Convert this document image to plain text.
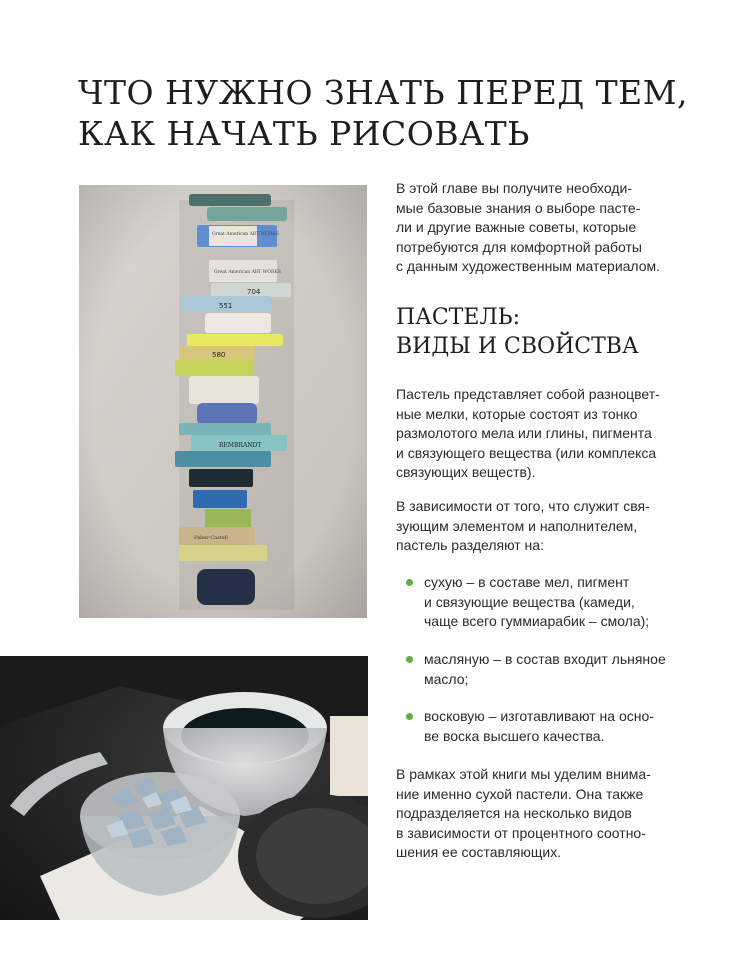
ЧТО НУЖНО ЗНАТЬ ПЕРЕД ТЕМ,
КАК НАЧАТЬ РИСОВАТЬ
Great American ART WORKS
Great American ART WORKS
704
551
580
REMBRANDT
Faber-Castell
В этой главе вы получите необходи-
мые базовые знания о выборе пасте-
ли и другие важные советы, которые
потребуются для комфортной работы
с данным художественным материалом.
ПАСТЕЛЬ:
ВИДЫ И СВОЙСТВА
Пастель представляет собой разноцвет-
ные мелки, которые состоят из тонко
размолотого мела или глины, пигмента
и связующего вещества (или комплекса
связующих веществ).
В зависимости от того, что служит свя-
зующим элементом и наполнителем,
пастель разделяют на:
сухую – в составе мел, пигмент
и связующие вещества (камеди,
чаще всего гуммиарабик – смола);
масляную – в состав входит льняное
масло;
восковую – изготавливают на осно-
ве воска высшего качества.
В рамках этой книги мы уделим внима-
ние именно сухой пастели. Она также
подразделяется на несколько видов
в зависимости от процентного соотно-
шения ее составляющих.
